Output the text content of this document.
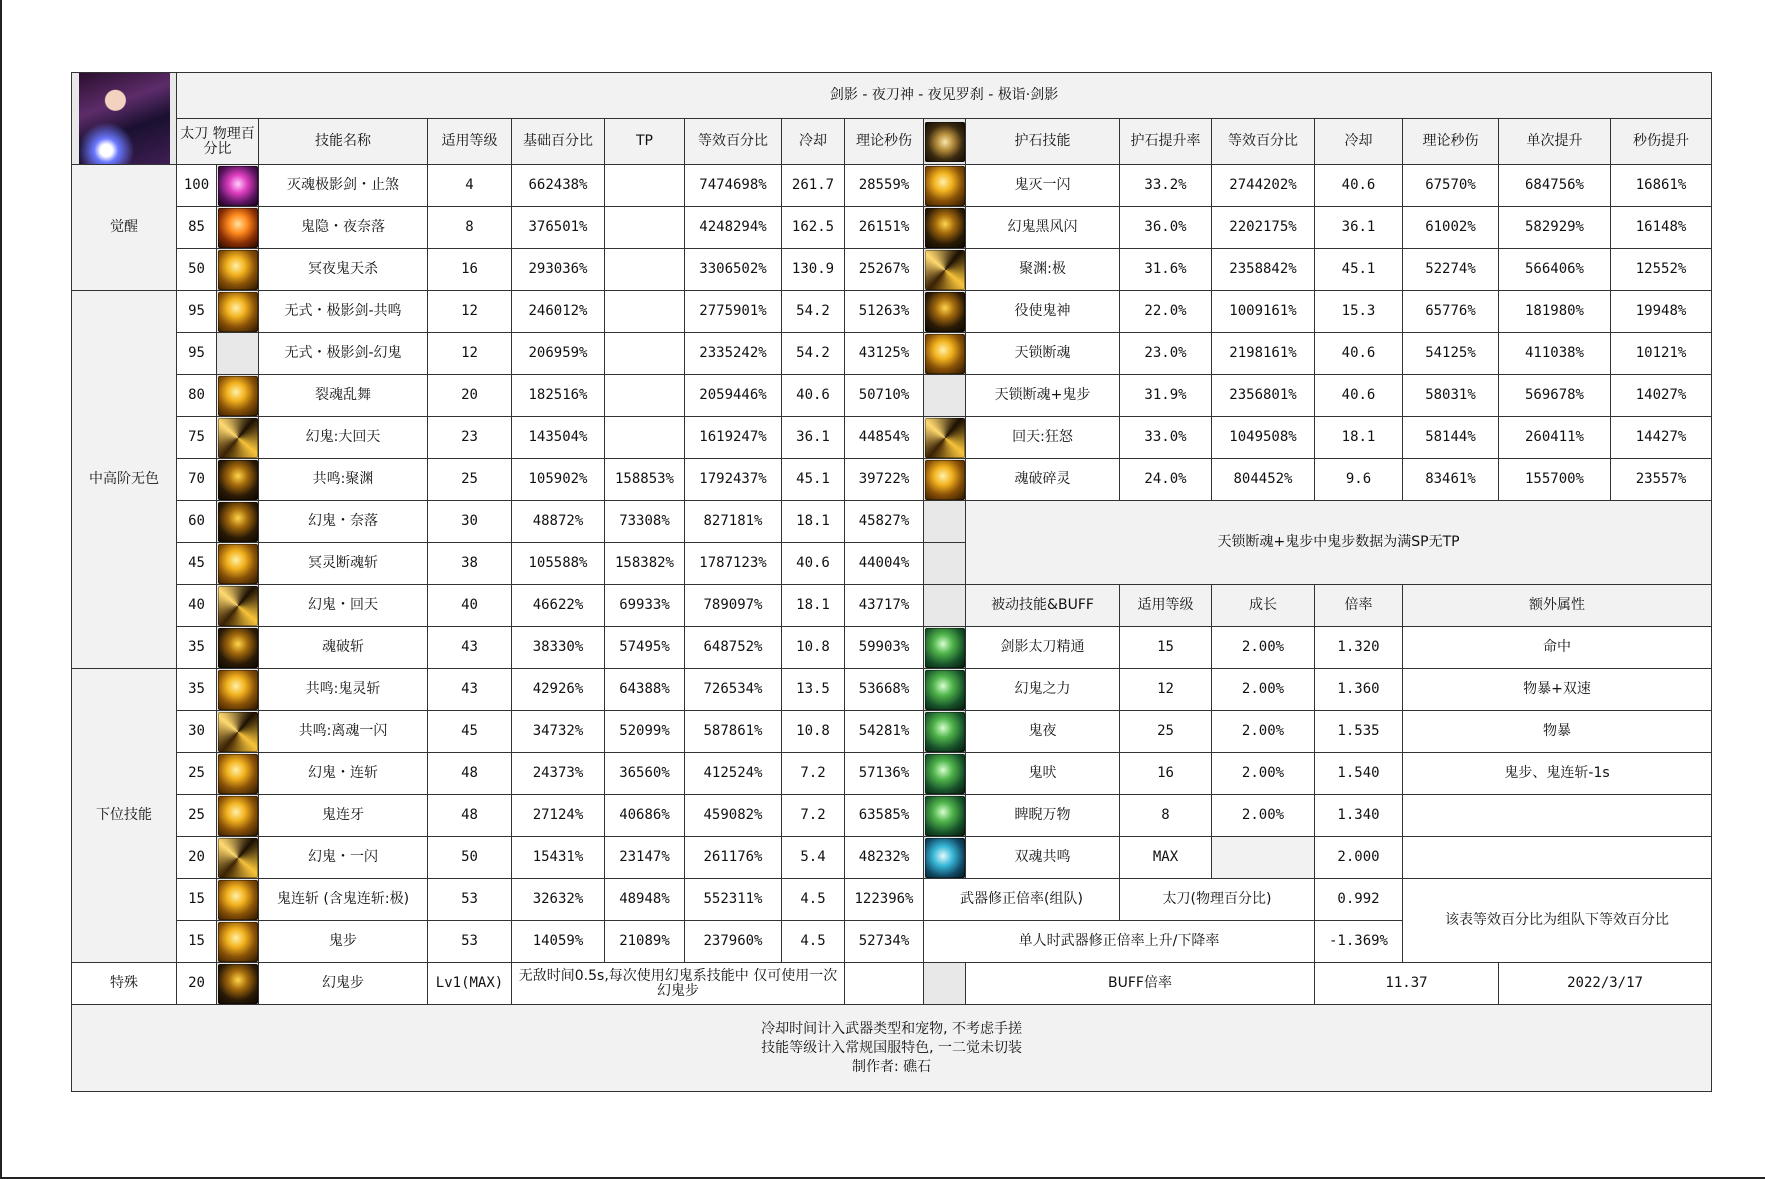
	剑影 - 夜刀神 - 夜见罗刹 - 极诣·剑影																
	太刀 物理百分比		技能名称	适用等级	基础百分比	TP	等效百分比	冷却	理论秒伤		护石技能	护石提升率	等效百分比	冷却	理论秒伤	单次提升	秒伤提升
觉醒	100		灭魂极影剑・止煞	4	662438%		7474698%	261.7	28559%		鬼灭一闪	33.2%	2744202%	40.6	67570%	684756%	16861%
	85		鬼隐・夜奈落	8	376501%		4248294%	162.5	26151%		幻鬼黑风闪	36.0%	2202175%	36.1	61002%	582929%	16148%
	50		冥夜鬼天杀	16	293036%		3306502%	130.9	25267%		聚渊:极	31.6%	2358842%	45.1	52274%	566406%	12552%
中高阶无色	95		无式・极影剑-共鸣	12	246012%		2775901%	54.2	51263%		役使鬼神	22.0%	1009161%	15.3	65776%	181980%	19948%
	95		无式・极影剑-幻鬼	12	206959%		2335242%	54.2	43125%		天锁断魂	23.0%	2198161%	40.6	54125%	411038%	10121%
	80		裂魂乱舞	20	182516%		2059446%	40.6	50710%		天锁断魂+鬼步	31.9%	2356801%	40.6	58031%	569678%	14027%
	75		幻鬼:大回天	23	143504%		1619247%	36.1	44854%		回天:狂怒	33.0%	1049508%	18.1	58144%	260411%	14427%
	70		共鸣:聚渊	25	105902%	158853%	1792437%	45.1	39722%		魂破碎灵	24.0%	804452%	9.6	83461%	155700%	23557%
	60		幻鬼・奈落	30	48872%	73308%	827181%	18.1	45827%		天锁断魂+鬼步中鬼步数据为满SP无TP						
	45		冥灵断魂斩	38	105588%	158382%	1787123%	40.6	44004%								
	40		幻鬼・回天	40	46622%	69933%	789097%	18.1	43717%		被动技能&BUFF	适用等级	成长	倍率	额外属性		
	35		魂破斩	43	38330%	57495%	648752%	10.8	59903%		剑影太刀精通	15	2.00%	1.320	命中		
下位技能	35		共鸣:鬼灵斩	43	42926%	64388%	726534%	13.5	53668%		幻鬼之力	12	2.00%	1.360	物暴+双速		
	30		共鸣:离魂一闪	45	34732%	52099%	587861%	10.8	54281%		鬼夜	25	2.00%	1.535	物暴		
	25		幻鬼・连斩	48	24373%	36560%	412524%	7.2	57136%		鬼吠	16	2.00%	1.540	鬼步、鬼连斩-1s		
	25		鬼连牙	48	27124%	40686%	459082%	7.2	63585%		睥睨万物	8	2.00%	1.340			
	20		幻鬼・一闪	50	15431%	23147%	261176%	5.4	48232%		双魂共鸣	MAX		2.000			
	15		鬼连斩 (含鬼连斩:极)	53	32632%	48948%	552311%	4.5	122396%	武器修正倍率(组队)		太刀(物理百分比)		0.992	该表等效百分比为组队下等效百分比		
	15		鬼步	53	14059%	21089%	237960%	4.5	52734%	单人时武器修正倍率上升/下降率				-1.369%			
特殊	20		幻鬼步	Lv1(MAX)	无敌时间0.5s,每次使用幻鬼系技能中 仅可使用一次幻鬼步						BUFF倍率			11.37		2022/3/17	

冷却时间计入武器类型和宠物, 不考虑手搓
技能等级计入常规国服特色, 一二觉未切装
制作者: 礁石																	
